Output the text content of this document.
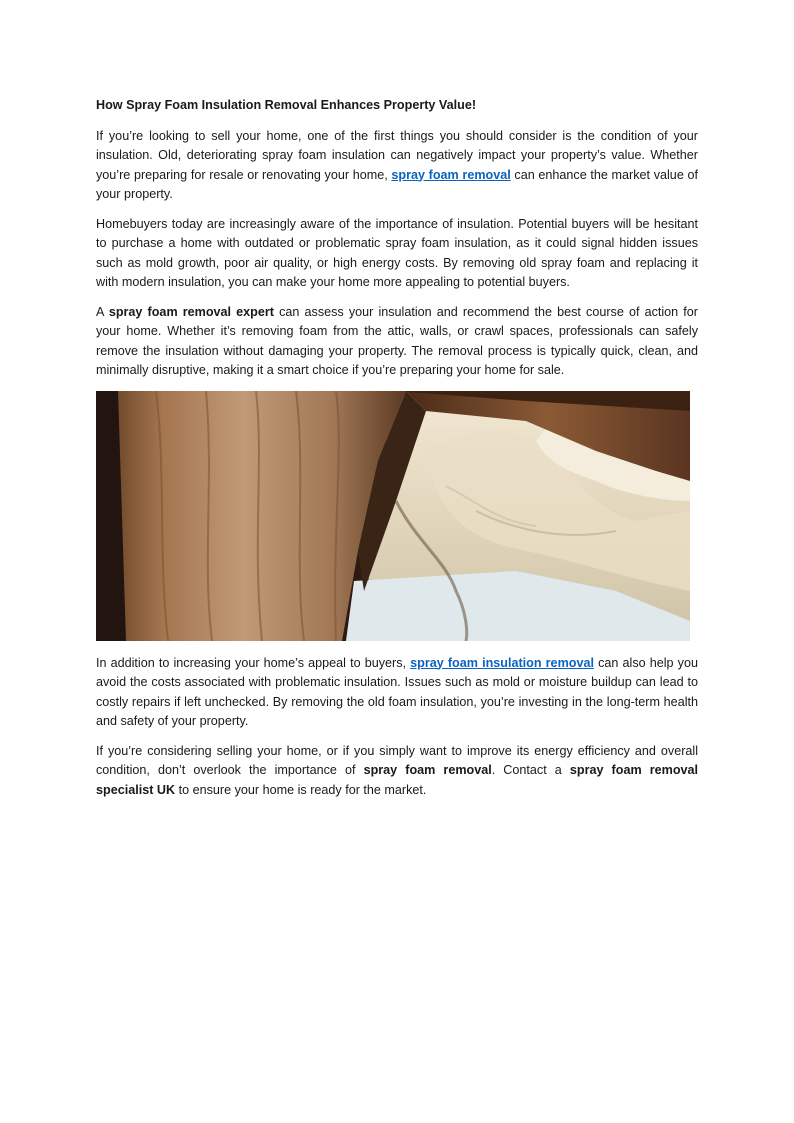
How Spray Foam Insulation Removal Enhances Property Value!

If you’re looking to sell your home, one of the first things you should consider is the condition of your insulation. Old, deteriorating spray foam insulation can negatively impact your property’s value. Whether you’re preparing for resale or renovating your home, spray foam removal can enhance the market value of your property.

Homebuyers today are increasingly aware of the importance of insulation. Potential buyers will be hesitant to purchase a home with outdated or problematic spray foam insulation, as it could signal hidden issues such as mold growth, poor air quality, or high energy costs. By removing old spray foam and replacing it with modern insulation, you can make your home more appealing to potential buyers.

A spray foam removal expert can assess your insulation and recommend the best course of action for your home. Whether it’s removing foam from the attic, walls, or crawl spaces, professionals can safely remove the insulation without damaging your property. The removal process is typically quick, clean, and minimally disruptive, making it a smart choice if you’re preparing your home for sale.

In addition to increasing your home’s appeal to buyers, spray foam insulation removal can also help you avoid the costs associated with problematic insulation. Issues such as mold or moisture buildup can lead to costly repairs if left unchecked. By removing the old foam insulation, you’re investing in the long-term health and safety of your property.

If you’re considering selling your home, or if you simply want to improve its energy efficiency and overall condition, don’t overlook the importance of spray foam removal. Contact a spray foam removal specialist UK to ensure your home is ready for the market.
